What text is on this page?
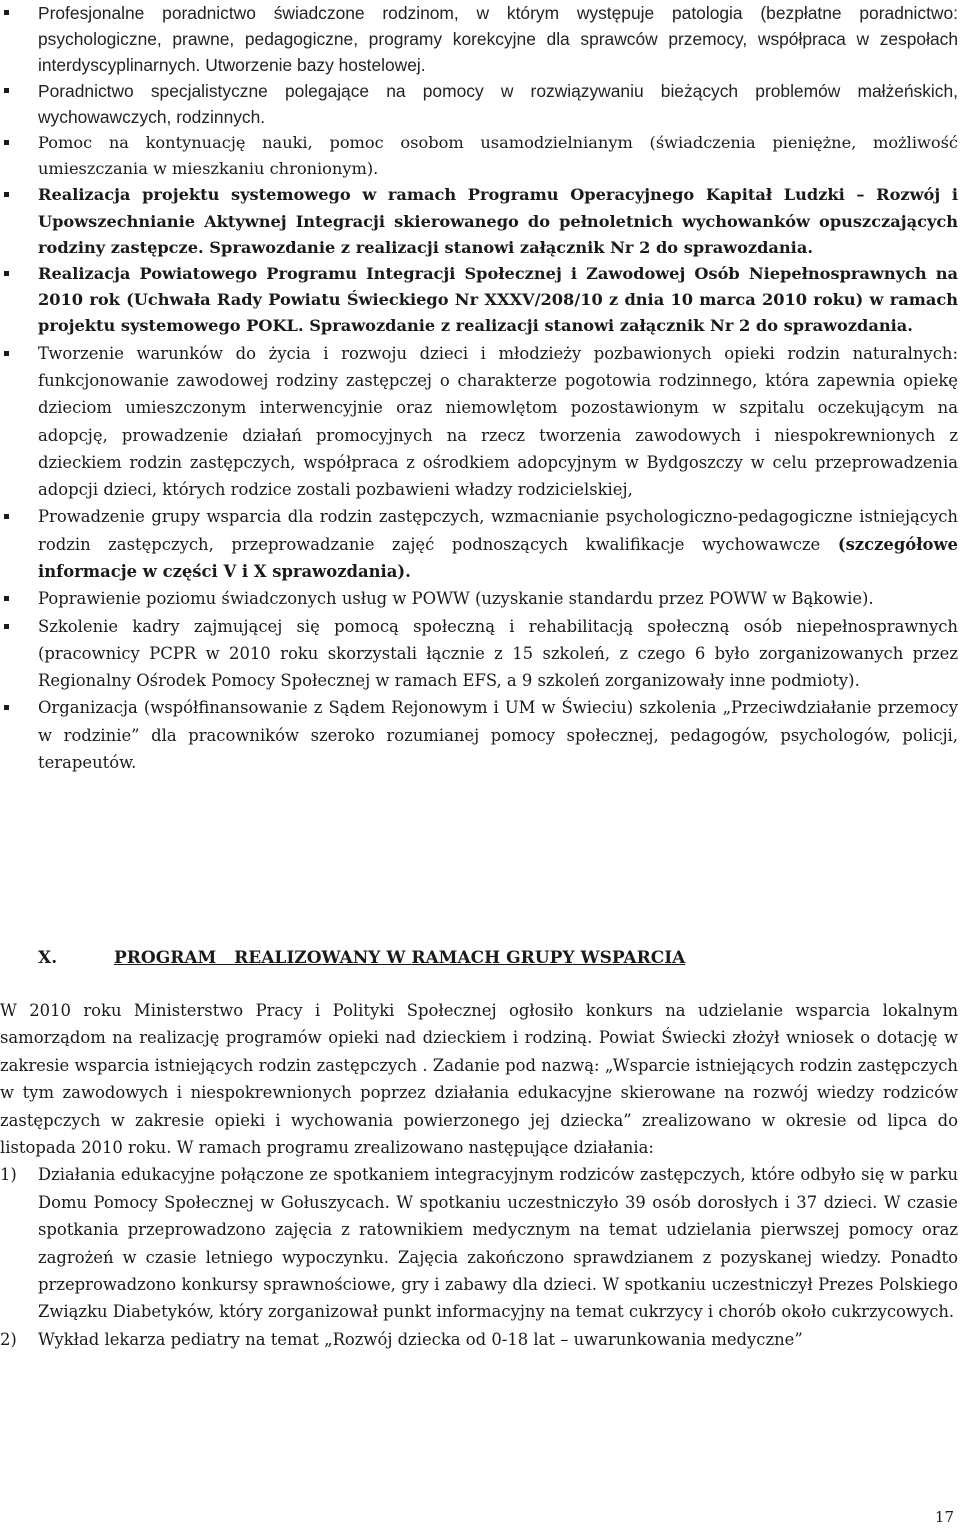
Profesjonalne poradnictwo świadczone rodzinom, w którym występuje patologia (bezpłatne poradnictwo: psychologiczne, prawne, pedagogiczne, programy korekcyjne dla sprawców przemocy, współpraca w zespołach interdyscyplinarnych. Utworzenie bazy hostelowej.
Poradnictwo specjalistyczne polegające na pomocy w rozwiązywaniu bieżących problemów małżeńskich, wychowawczych, rodzinnych.
Pomoc na kontynuację nauki, pomoc osobom usamodzielnianym (świadczenia pieniężne, możliwość umieszczania w mieszkaniu chronionym).
Realizacja projektu systemowego w ramach Programu Operacyjnego Kapitał Ludzki – Rozwój i Upowszechnianie Aktywnej Integracji skierowanego do pełnoletnich wychowanków opuszczających rodziny zastępcze. Sprawozdanie z realizacji stanowi załącznik Nr 2 do sprawozdania.
Realizacja Powiatowego Programu Integracji Społecznej i Zawodowej Osób Niepełnosprawnych na 2010 rok (Uchwała Rady Powiatu Świeckiego Nr XXXV/208/10 z dnia 10 marca 2010 roku) w ramach projektu systemowego POKL. Sprawozdanie z realizacji stanowi załącznik Nr 2 do sprawozdania.
Tworzenie warunków do życia i rozwoju dzieci i młodzieży pozbawionych opieki rodzin naturalnych: funkcjonowanie zawodowej rodziny zastępczej o charakterze pogotowia rodzinnego, która zapewnia opiekę dzieciom umieszczonym interwencyjnie oraz niemowlętom pozostawionym w szpitalu oczekującym na adopcję, prowadzenie działań promocyjnych na rzecz tworzenia zawodowych i niespokrewnionych z dzieckiem rodzin zastępczych, współpraca z ośrodkiem adopcyjnym w Bydgoszczy w celu przeprowadzenia adopcji dzieci, których rodzice zostali pozbawieni władzy rodzicielskiej,
Prowadzenie grupy wsparcia dla rodzin zastępczych, wzmacnianie psychologiczno-pedagogiczne istniejących rodzin zastępczych, przeprowadzanie zajęć podnoszących kwalifikacje wychowawcze (szczegółowe informacje w części V i X sprawozdania).
Poprawienie poziomu świadczonych usług w POWW (uzyskanie standardu przez POWW w Bąkowie).
Szkolenie kadry zajmującej się pomocą społeczną i rehabilitacją społeczną osób niepełnosprawnych (pracownicy PCPR w 2010 roku skorzystali łącznie z 15 szkoleń, z czego 6 było zorganizowanych przez Regionalny Ośrodek Pomocy Społecznej w ramach EFS, a 9 szkoleń zorganizowały inne podmioty).
Organizacja (współfinansowanie z Sądem Rejonowym i UM w Świeciu) szkolenia „Przeciwdziałanie przemocy w rodzinie” dla pracowników szeroko rozumianej pomocy społecznej, pedagogów, psychologów, policji, terapeutów.
X.	PROGRAM   REALIZOWANY W RAMACH GRUPY WSPARCIA

W 2010 roku Ministerstwo Pracy i Polityki Społecznej ogłosiło konkurs na udzielanie wsparcia lokalnym samorządom na realizację programów opieki nad dzieckiem i rodziną. Powiat Świecki złożył wniosek o dotację w zakresie wsparcia istniejących rodzin zastępczych . Zadanie pod nazwą: „Wsparcie istniejących rodzin zastępczych w tym zawodowych i niespokrewnionych poprzez działania edukacyjne skierowane na rozwój wiedzy rodziców zastępczych w zakresie opieki i wychowania powierzonego jej dziecka” zrealizowano w okresie od lipca do listopada 2010 roku. W ramach programu zrealizowano następujące działania:

1) Działania edukacyjne połączone ze spotkaniem integracyjnym rodziców zastępczych, które odbyło się w parku Domu Pomocy Społecznej w Gołuszycach. W spotkaniu uczestniczyło 39 osób dorosłych i 37 dzieci. W czasie spotkania przeprowadzono zajęcia z ratownikiem medycznym na temat udzielania pierwszej pomocy oraz zagrożeń w czasie letniego wypoczynku. Zajęcia zakończono sprawdzianem z pozyskanej wiedzy. Ponadto przeprowadzono konkursy sprawnościowe, gry i zabawy dla dzieci. W spotkaniu uczestniczył Prezes Polskiego Związku Diabetyków, który zorganizował punkt informacyjny na temat cukrzycy i chorób około cukrzycowych.
2) Wykład lekarza pediatry na temat „Rozwój dziecka od 0-18 lat – uwarunkowania medyczne”
17
